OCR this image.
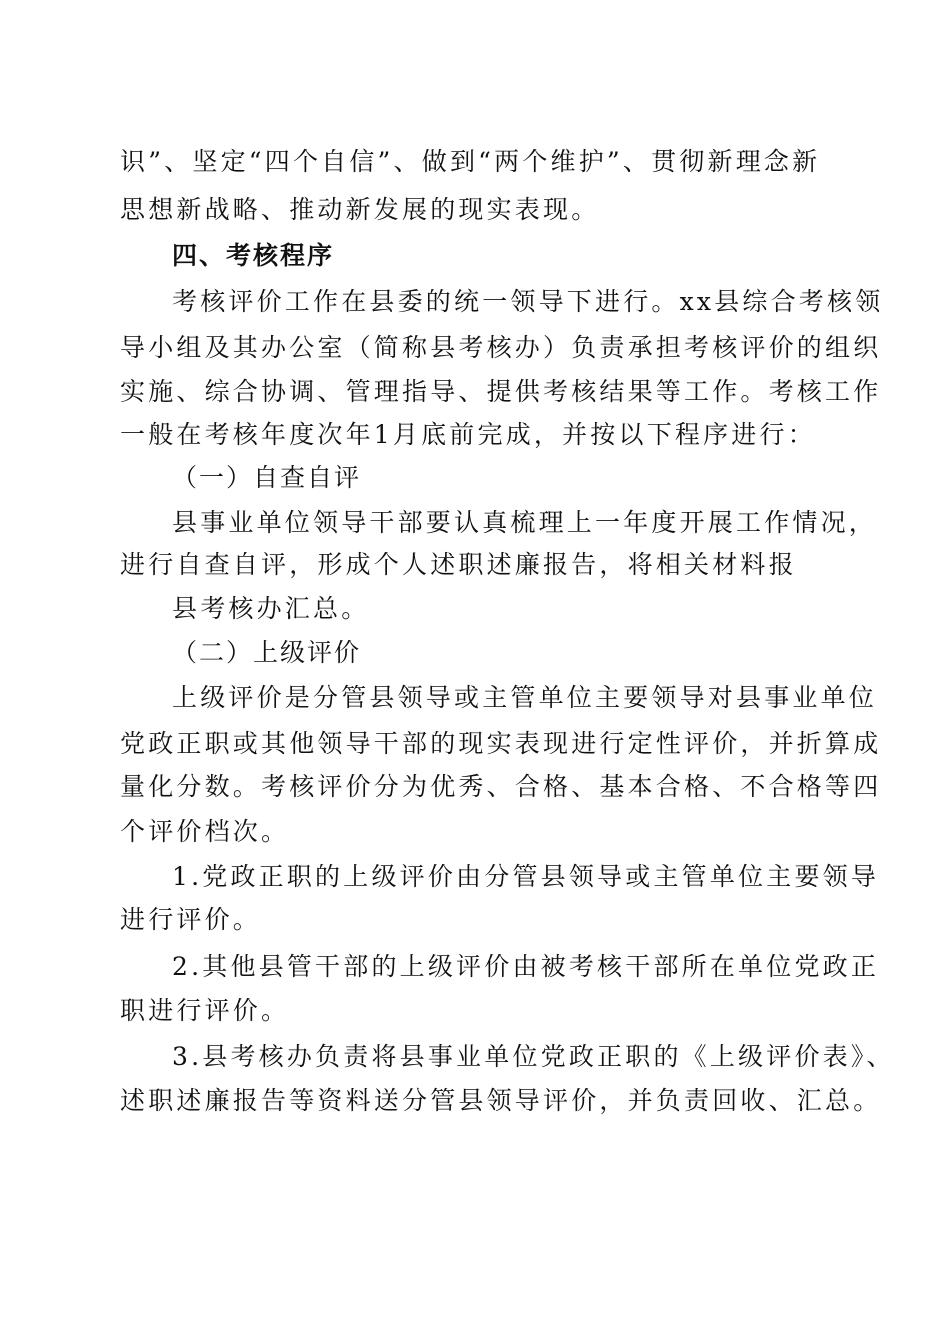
识”、坚定“四个自信”、做到“两个维护”、贯彻新理念新
思想新战略、推动新发展的现实表现。
四、考核程序
考核评价工作在县委的统一领导下进行。xx县综合考核领
导小组及其办公室（简称县考核办）负责承担考核评价的组织
实施、综合协调、管理指导、提供考核结果等工作。考核工作
一般在考核年度次年1月底前完成，并按以下程序进行：
（一）自查自评
县事业单位领导干部要认真梳理上一年度开展工作情况，
进行自查自评，形成个人述职述廉报告，将相关材料报
县考核办汇总。
（二）上级评价
上级评价是分管县领导或主管单位主要领导对县事业单位
党政正职或其他领导干部的现实表现进行定性评价，并折算成
量化分数。考核评价分为优秀、合格、基本合格、不合格等四
个评价档次。
1.党政正职的上级评价由分管县领导或主管单位主要领导
进行评价。
2.其他县管干部的上级评价由被考核干部所在单位党政正
职进行评价。
3.县考核办负责将县事业单位党政正职的《上级评价表》、
述职述廉报告等资料送分管县领导评价，并负责回收、汇总。
